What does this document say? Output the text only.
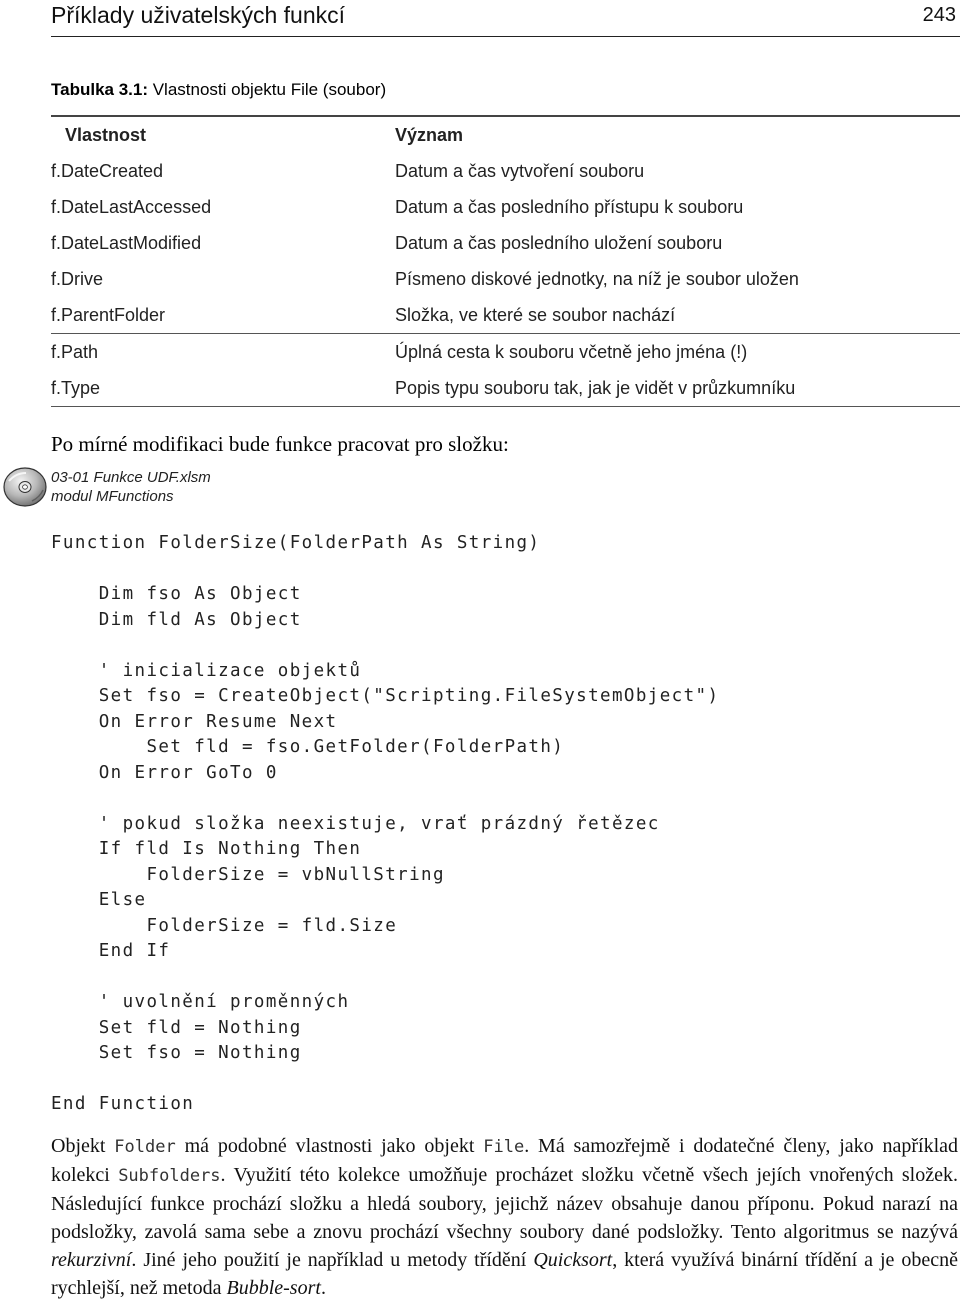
Příklady uživatelských funkcí	243
Tabulka 3.1: Vlastnosti objektu File (soubor)
Vlastnost	Význam
f.DateCreated	Datum a čas vytvoření souboru
f.DateLastAccessed	Datum a čas posledního přístupu k souboru
f.DateLastModified	Datum a čas posledního uložení souboru
f.Drive	Písmeno diskové jednotky, na níž je soubor uložen
f.ParentFolder	Složka, ve které se soubor nachází
f.Path	Úplná cesta k souboru včetně jeho jména (!)
f.Type	Popis typu souboru tak, jak je vidět v průzkumníku
Po mírné modifikaci bude funkce pracovat pro složku:
03-01 Funkce UDF.xlsm
modul MFunctions
Function FolderSize(FolderPath As String)
Dim fso As Object
Dim fld As Object
' inicializace objektů
Set fso = CreateObject("Scripting.FileSystemObject")
On Error Resume Next
Set fld = fso.GetFolder(FolderPath)
On Error GoTo 0
' pokud složka neexistuje, vrať prázdný řetězec
If fld Is Nothing Then
FolderSize = vbNullString
Else
FolderSize = fld.Size
End If
' uvolnění proměnných
Set fld = Nothing
Set fso = Nothing
End Function

Objekt Folder má podobné vlastnosti jako objekt File. Má samozřejmě i dodatečné členy, jako například kolekci Subfolders. Využití této kolekce umožňuje procházet složku včetně všech jejích vnořených složek. Následující funkce prochází složku a hledá soubory, jejichž název obsahuje danou příponu. Pokud narazí na podsložky, zavolá sama sebe a znovu prochází všechny soubory dané podsložky. Tento algoritmus se nazývá rekurzivní. Jiné jeho použití je například u metody třídění Quicksort, která využívá binární třídění a je obecně rychlejší, než metoda Bubble-sort.
